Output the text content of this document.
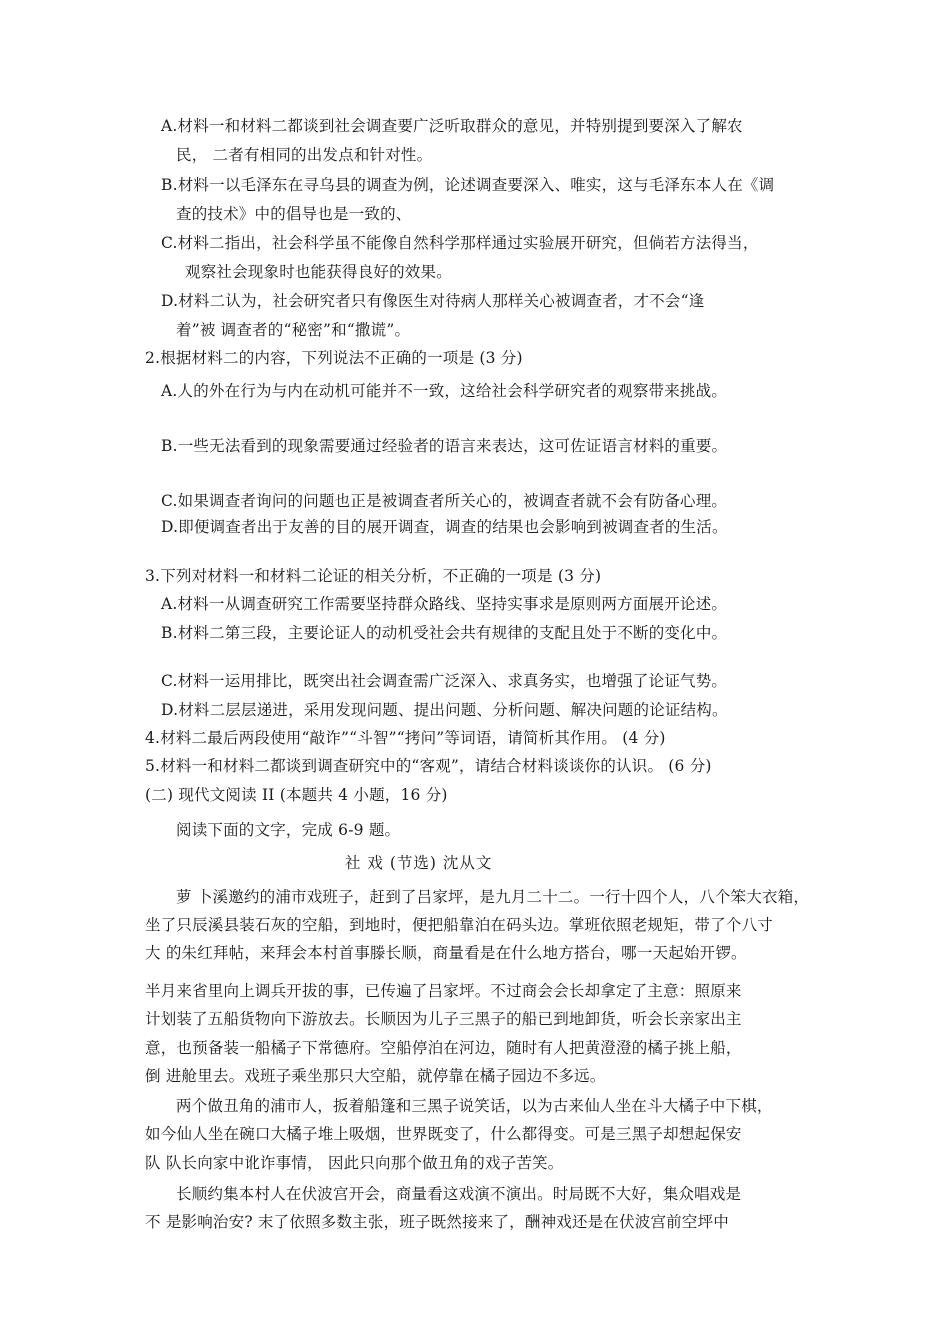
A.材料一和材料二都谈到社会调查要广泛听取群众的意见，并特别提到要深入了解农
民， 二者有相同的出发点和针对性。
B.材料一以毛泽东在寻乌县的调查为例，论述调查要深入、唯实，这与毛泽东本人在《调
查的技术》中的倡导也是一致的、
C.材料二指出，社会科学虽不能像自然科学那样通过实验展开研究，但倘若方法得当，
观察社会现象时也能获得良好的效果。
D.材料二认为，社会研究者只有像医生对待病人那样关心被调查者，才不会“逢
着”被 调查者的“秘密”和“撒谎”。
2.根据材料二的内容，下列说法不正确的一项是 (3 分)
A.人的外在行为与内在动机可能并不一致，这给社会科学研究者的观察带来挑战。
B.一些无法看到的现象需要通过经验者的语言来表达，这可佐证语言材料的重要。
C.如果调查者询问的问题也正是被调查者所关心的，被调查者就不会有防备心理。
D.即便调查者出于友善的目的展开调查，调查的结果也会影响到被调查者的生活。
3.下列对材料一和材料二论证的相关分析，不正确的一项是 (3 分)
A.材料一从调查研究工作需要坚持群众路线、坚持实事求是原则两方面展开论述。
B.材料二第三段，主要论证人的动机受社会共有规律的支配且处于不断的变化中。
C.材料一运用排比，既突出社会调查需广泛深入、求真务实，也增强了论证气势。
D.材料二层层递进，采用发现问题、提出问题、分析问题、解决问题的论证结构。
4.材料二最后两段使用“敲诈”“斗智”“拷问”等词语，请简析其作用。 (4 分)
5.材料一和材料二都谈到调查研究中的“客观”，请结合材料谈谈你的认识。 (6 分)
(二) 现代文阅读 II (本题共 4 小题，16 分)
阅读下面的文字，完成 6-9 题。
社 戏 (节选) 沈从文
萝 卜溪邀约的浦市戏班子，赶到了吕家坪，是九月二十二。一行十四个人，八个笨大衣箱，
坐了只辰溪县装石灰的空船，到地时，便把船靠泊在码头边。掌班依照老规矩，带了个八寸
大 的朱红拜帖，来拜会本村首事滕长顺，商量看是在什么地方搭台，哪一天起始开锣。
半月来省里向上调兵开拔的事，已传遍了吕家坪。不过商会会长却拿定了主意：照原来
计划装了五船货物向下游放去。长顺因为儿子三黑子的船已到地卸货，听会长亲家出主
意，也预备装一船橘子下常德府。空船停泊在河边，随时有人把黄澄澄的橘子挑上船，
倒 进舱里去。戏班子乘坐那只大空船，就停靠在橘子园边不多远。
两个做丑角的浦市人，扳着船篷和三黑子说笑话，以为古来仙人坐在斗大橘子中下棋，
如今仙人坐在碗口大橘子堆上吸烟，世界既变了，什么都得变。可是三黑子却想起保安
队 队长向家中讹诈事情， 因此只向那个做丑角的戏子苦笑。
长顺约集本村人在伏波宫开会，商量看这戏演不演出。时局既不大好，集众唱戏是
不 是影响治安? 末了依照多数主张，班子既然接来了，酬神戏还是在伏波宫前空坪中
